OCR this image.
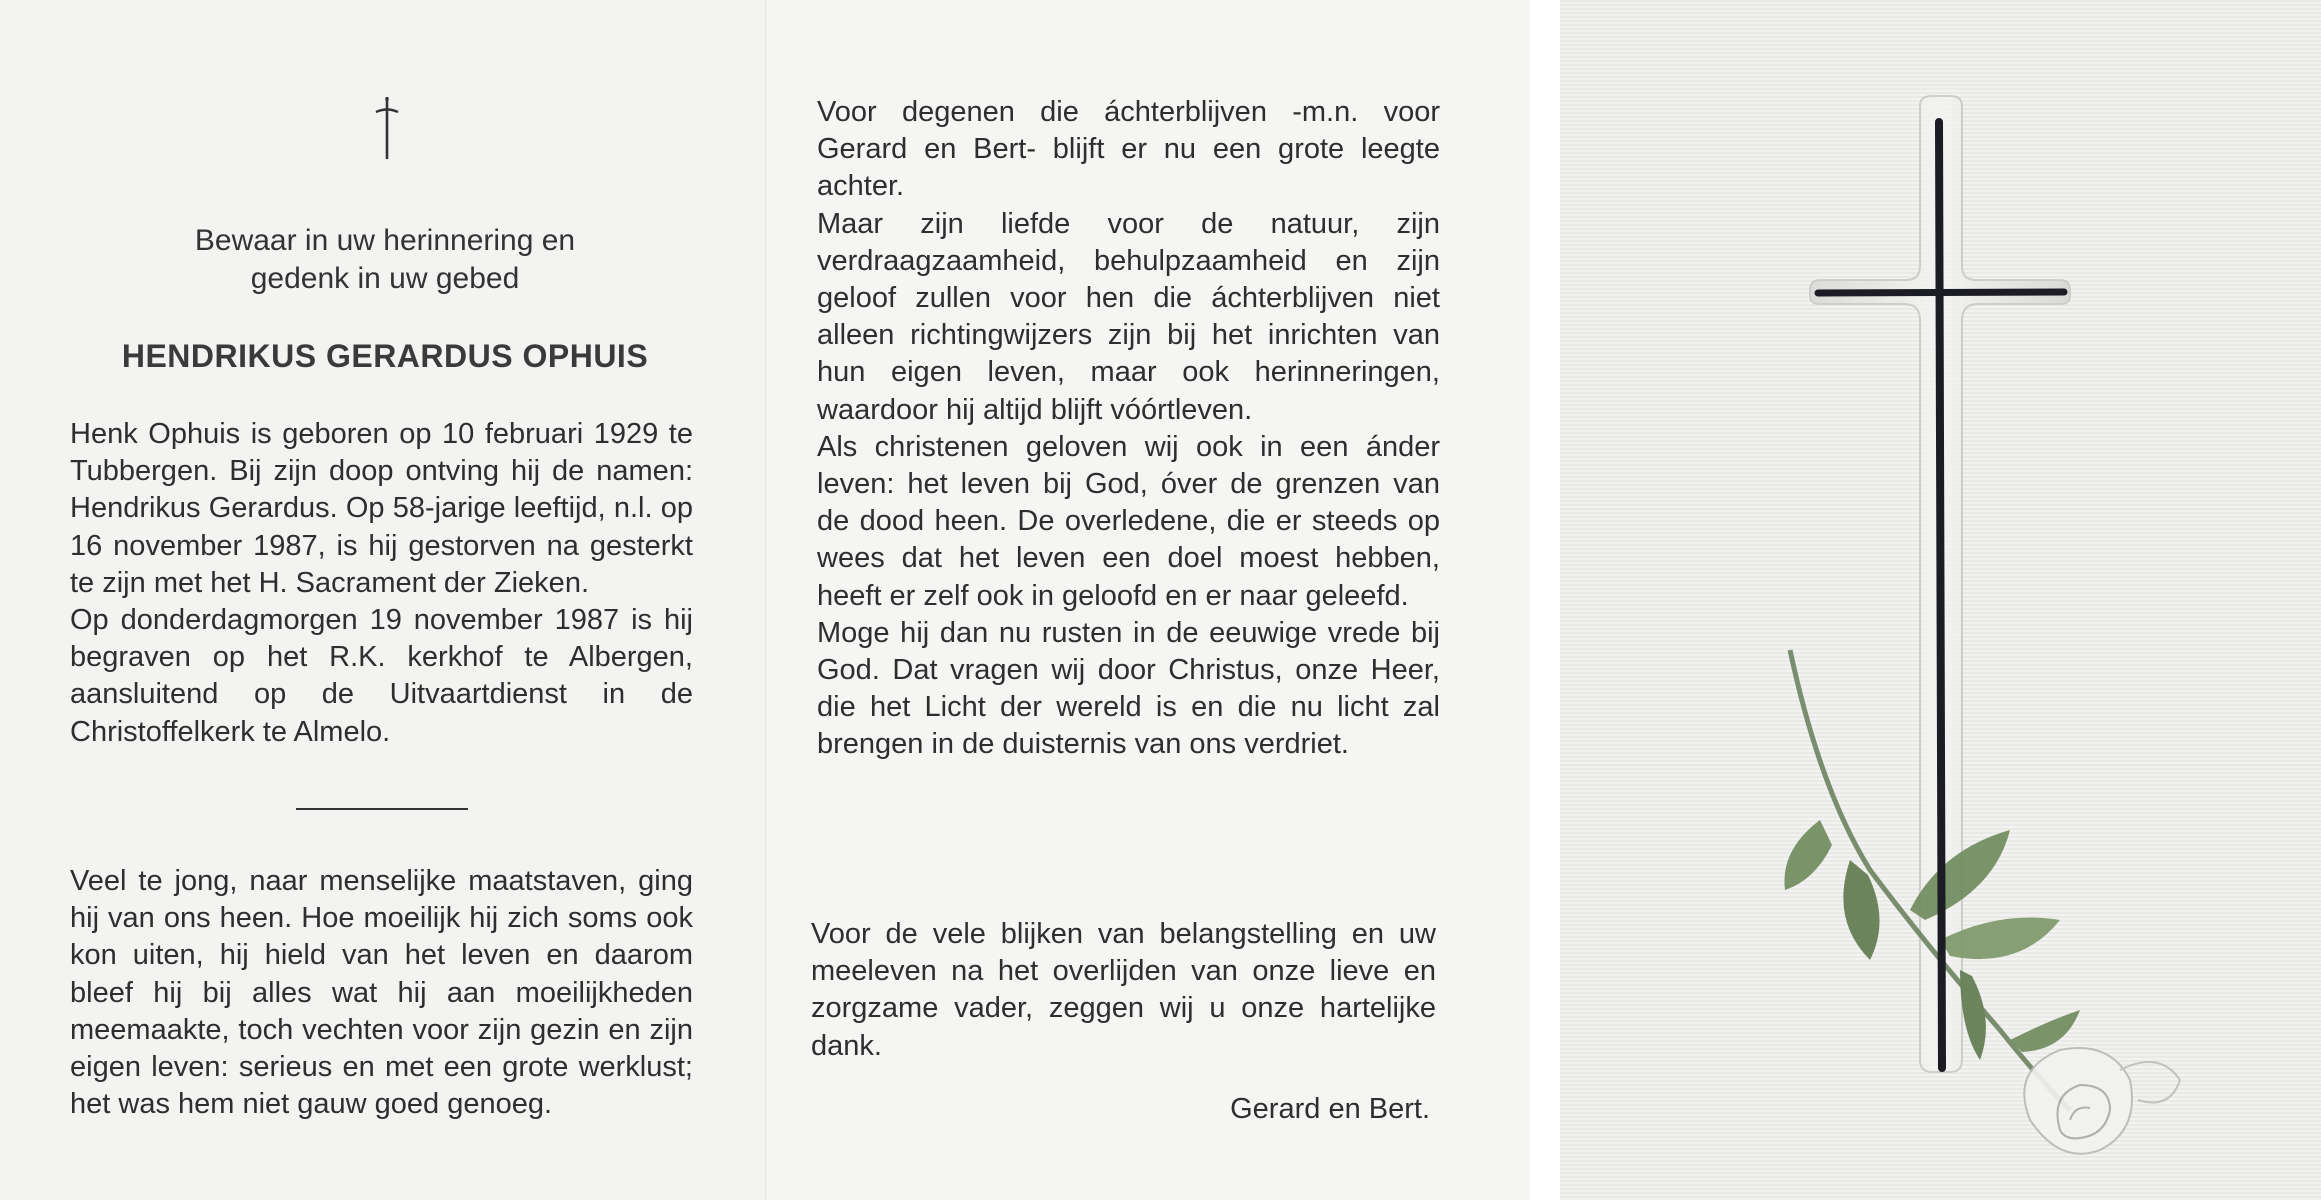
Bewaar in uw herinnering en
gedenk in uw gebed
HENDRIKUS GERARDUS OPHUIS

Henk Ophuis is geboren op 10 februari 1929 te Tubbergen. Bij zijn doop ontving hij de namen: Hendrikus Gerardus. Op 58-jarige leeftijd, n.l. op 16 november 1987, is hij gestorven na gesterkt te zijn met het H. Sacrament der Zieken.

Op donderdagmorgen 19 november 1987 is hij begraven op het R.K. kerkhof te Albergen, aansluitend op de Uitvaartdienst in de Christoffelkerk te Almelo.

Veel te jong, naar menselijke maatstaven, ging hij van ons heen. Hoe moeilijk hij zich soms ook kon uiten, hij hield van het leven en daarom bleef hij bij alles wat hij aan moeilijkheden meemaakte, toch vechten voor zijn gezin en zijn eigen leven: serieus en met een grote werklust; het was hem niet gauw goed genoeg.

Voor degenen die áchterblijven -m.n. voor Gerard en Bert- blijft er nu een grote leegte achter.

Maar zijn liefde voor de natuur, zijn verdraagzaamheid, behulpzaamheid en zijn geloof zullen voor hen die áchterblijven niet alleen richtingwijzers zijn bij het inrichten van hun eigen leven, maar ook herinneringen, waardoor hij altijd blijft vóórtleven.

Als christenen geloven wij ook in een ánder leven: het leven bij God, óver de grenzen van de dood heen. De overledene, die er steeds op wees dat het leven een doel moest hebben, heeft er zelf ook in geloofd en er naar geleefd.

Moge hij dan nu rusten in de eeuwige vrede bij God. Dat vragen wij door Christus, onze Heer, die het Licht der wereld is en die nu licht zal brengen in de duisternis van ons verdriet.

Voor de vele blijken van belangstelling en uw meeleven na het overlijden van onze lieve en zorgzame vader, zeggen wij u onze hartelijke dank.

Gerard en Bert.
